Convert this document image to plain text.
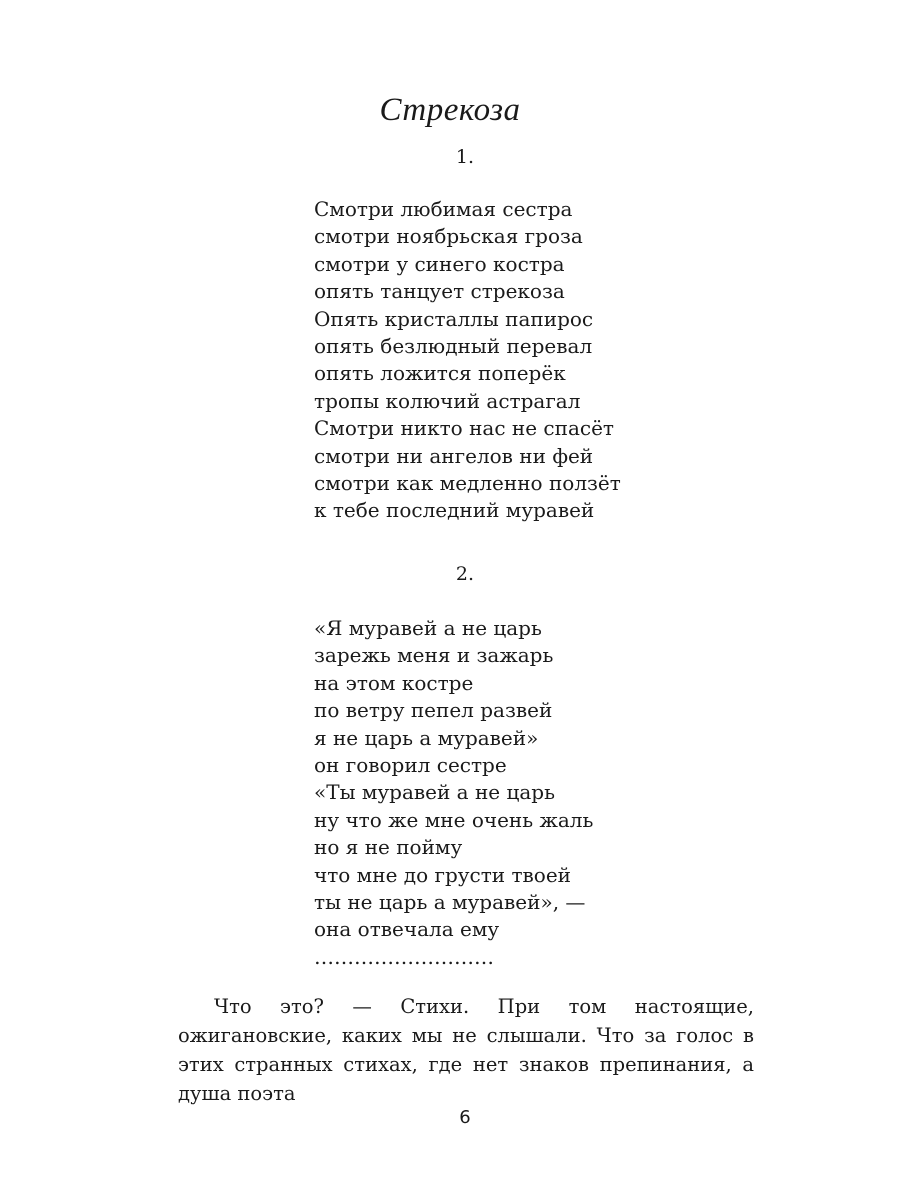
Стрекоза
1.
Смотри любимая сестра
смотри ноябрьская гроза
смотри у синего костра
опять танцует стрекоза
Опять кристаллы папирос
опять безлюдный перевал
опять ложится поперёк
тропы колючий астрагал
Смотри никто нас не спасёт
смотри ни ангелов ни фей
смотри как медленно ползёт
к тебе последний муравей
2.
«Я муравей а не царь
зарежь меня и зажарь
на этом костре
по ветру пепел развей
я не царь а муравей»
он говорил сестре
«Ты муравей а не царь
ну что же мне очень жаль
но я не пойму
что мне до грусти твоей
ты не царь а муравей», —
она отвечала ему
………………………

Что это? — Стихи. При том настоящие, ожигановские, каких мы не слышали. Что за голос в этих странных стихах, где нет знаков препинания, а душа поэта

6
